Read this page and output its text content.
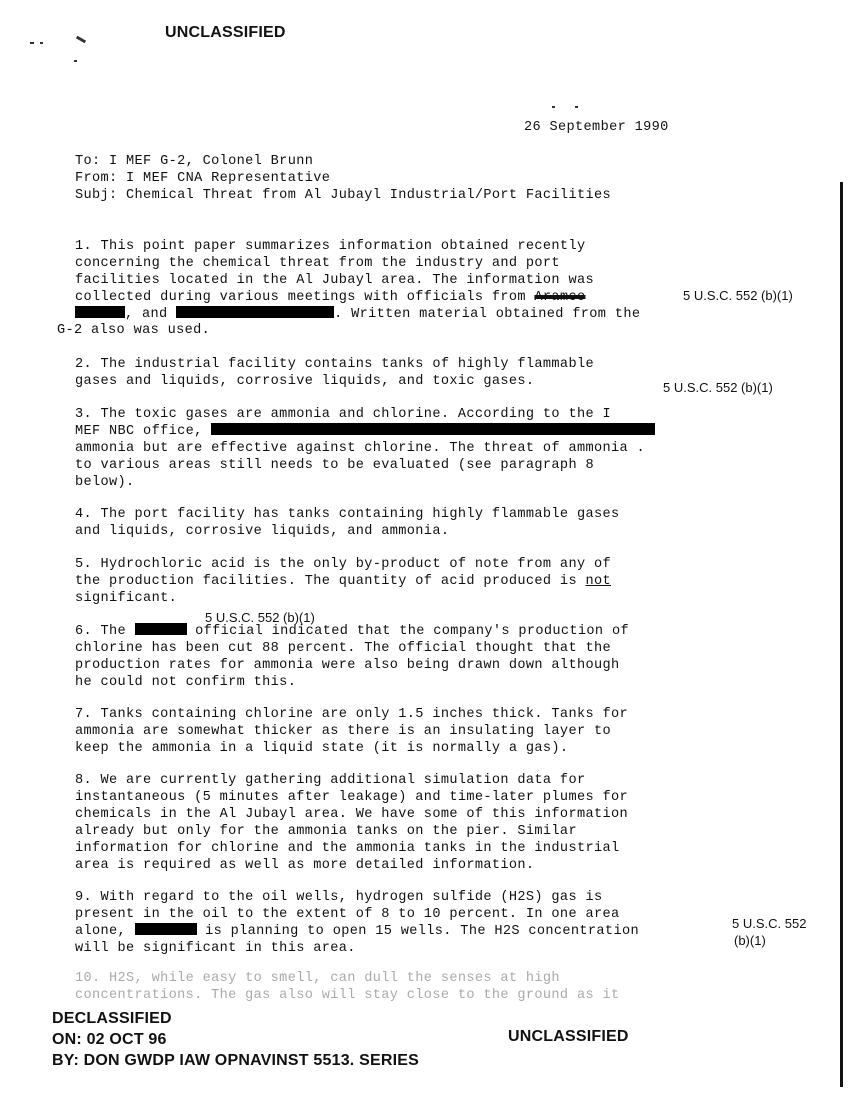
UNCLASSIFIED
26 September 1990
To: I MEF G-2, Colonel Brunn
From: I MEF CNA Representative
Subj: Chemical Threat from Al Jubayl Industrial/Port Facilities
1. This point paper summarizes information obtained recently
concerning the chemical threat from the industry and port
facilities located in the Al Jubayl area. The information was
collected during various meetings with officials from Aramco
, and	. Written material obtained from the
G-2 also was used.
5 U.S.C. 552 (b)(1)
2. The industrial facility contains tanks of highly flammable
gases and liquids, corrosive liquids, and toxic gases.	5 U.S.C. 552 (b)(1)
3. The toxic gases are ammonia and chlorine. According to the I
MEF NBC office,
ammonia but are effective against chlorine. The threat of ammonia .
to various areas still needs to be evaluated (see paragraph 8
below).
4. The port facility has tanks containing highly flammable gases
and liquids, corrosive liquids, and ammonia.
5. Hydrochloric acid is the only by-product of note from any of
the production facilities. The quantity of acid produced is not
significant.
5 U.S.C. 552 (b)(1)
6. The	official indicated that the company's production of
chlorine has been cut 88 percent. The official thought that the
production rates for ammonia were also being drawn down although
he could not confirm this.
7. Tanks containing chlorine are only 1.5 inches thick. Tanks for
ammonia are somewhat thicker as there is an insulating layer to
keep the ammonia in a liquid state (it is normally a gas).
8. We are currently gathering additional simulation data for
instantaneous (5 minutes after leakage) and time-later plumes for
chemicals in the Al Jubayl area. We have some of this information
already but only for the ammonia tanks on the pier. Similar
information for chlorine and the ammonia tanks in the industrial
area is required as well as more detailed information.
9. With regard to the oil wells, hydrogen sulfide (H2S) gas is
present in the oil to the extent of 8 to 10 percent. In one area
alone,	is planning to open 15 wells. The H2S concentration
will be significant in this area.
5 U.S.C. 552
(b)(1)
10. H2S, while easy to smell, can dull the senses at high
concentrations. The gas also will stay close to the ground as it
DECLASSIFIED
ON: 02 OCT 96
BY: DON GWDP IAW OPNAVINST 5513. SERIES
UNCLASSIFIED
